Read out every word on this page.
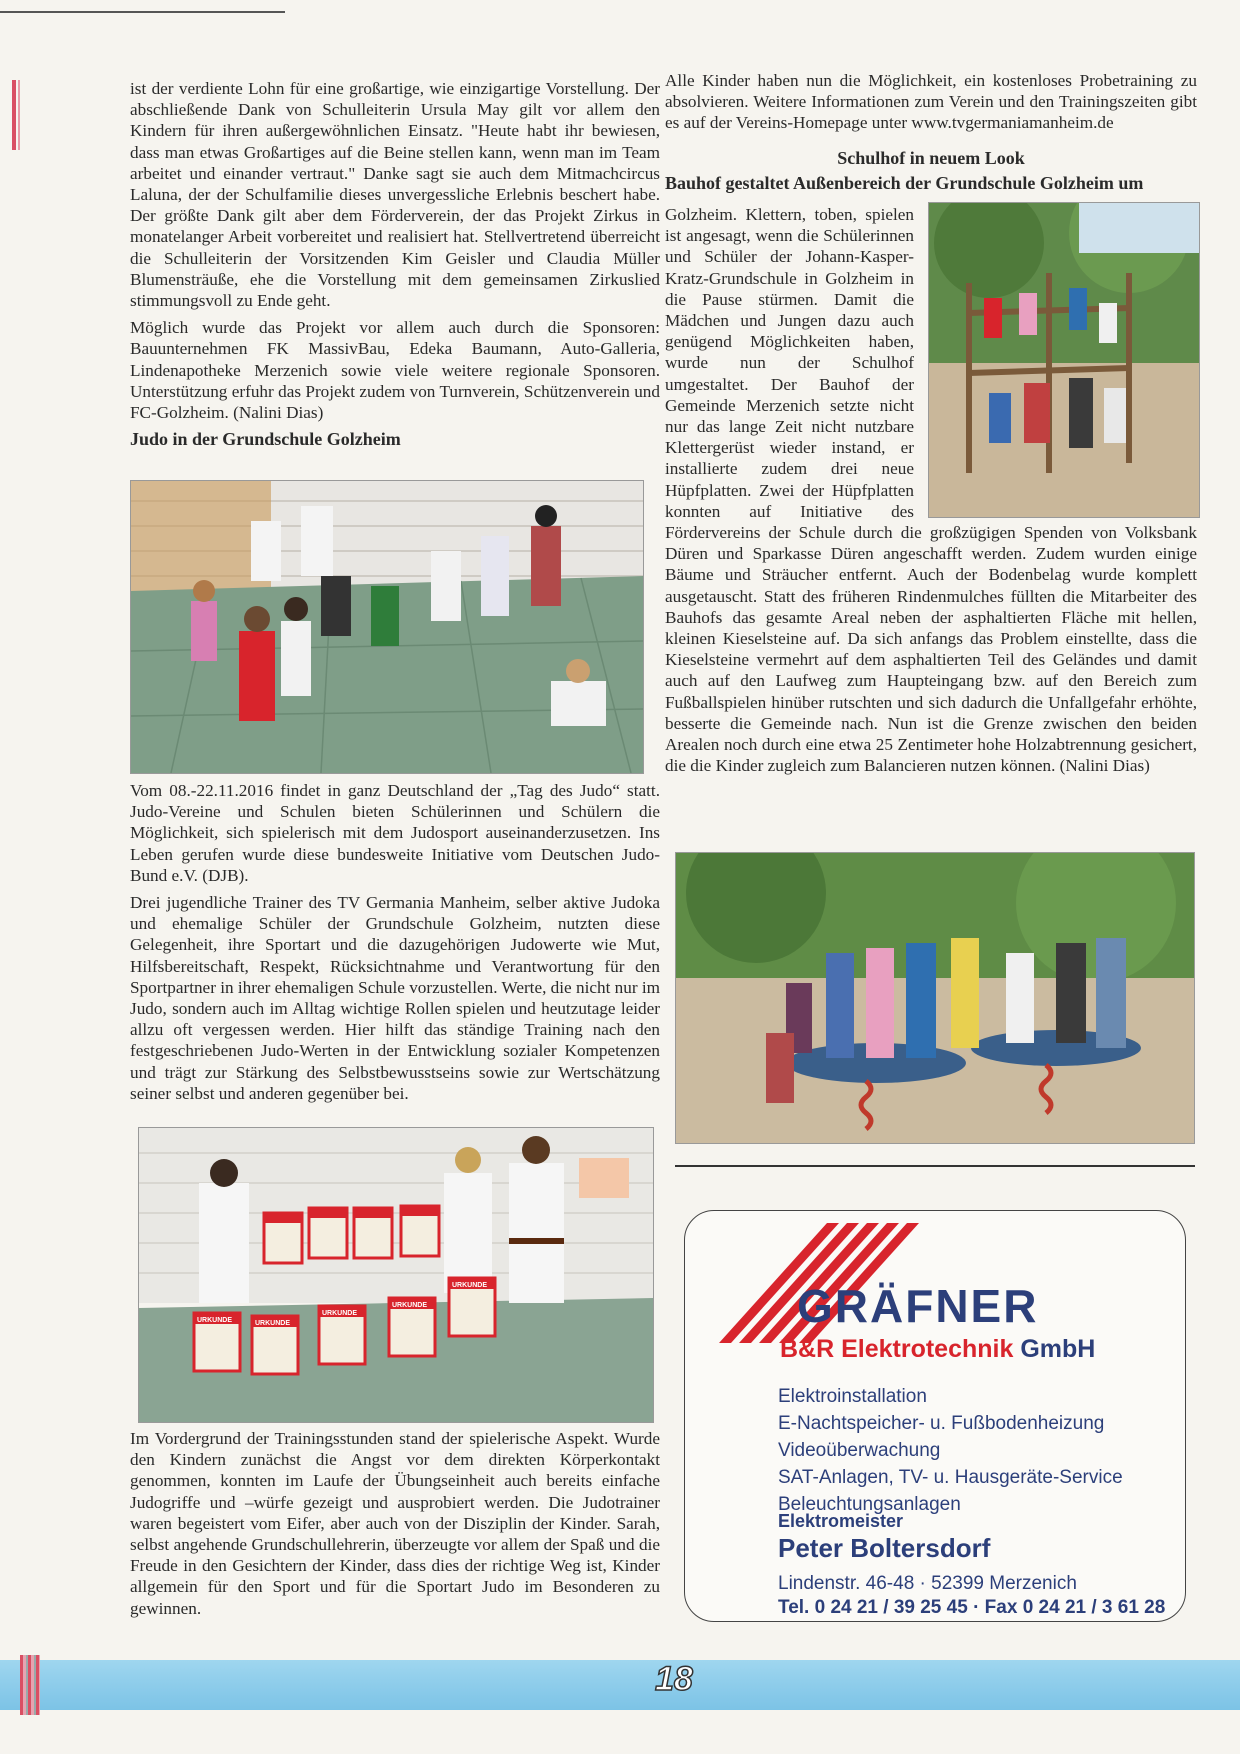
ist der verdiente Lohn für eine großartige, wie einzigartige Vorstellung. Der abschließende Dank von Schulleiterin Ursula May gilt vor allem den Kindern für ihren außergewöhnlichen Einsatz. "Heute habt ihr bewiesen, dass man etwas Großartiges auf die Beine stellen kann, wenn man im Team arbeitet und einander vertraut." Danke sagt sie auch dem Mitmachcircus Laluna, der der Schulfamilie dieses unvergessliche Erlebnis beschert habe. Der größte Dank gilt aber dem Förderverein, der das Projekt Zirkus in monatelanger Arbeit vorbereitet und realisiert hat. Stellvertretend überreicht die Schulleiterin der Vorsitzenden Kim Geisler und Claudia Müller Blumensträuße, ehe die Vorstellung mit dem gemeinsamen Zirkuslied stimmungsvoll zu Ende geht.

Möglich wurde das Projekt vor allem auch durch die Sponsoren: Bauunternehmen FK MassivBau, Edeka Baumann, Auto-Galleria, Lindenapotheke Merzenich sowie viele weitere regionale Sponsoren. Unterstützung erfuhr das Projekt zudem von Turnverein, Schützenverein und FC-Golzheim. (Nalini Dias)

Judo in der Grundschule Golzheim

Vom 08.-22.11.2016 findet in ganz Deutschland der „Tag des Judo“ statt. Judo-Vereine und Schulen bieten Schülerinnen und Schülern die Möglichkeit, sich spielerisch mit dem Judosport auseinanderzusetzen. Ins Leben gerufen wurde diese bundesweite Initiative vom Deutschen Judo-Bund e.V. (DJB).

Drei jugendliche Trainer des TV Germania Manheim, selber aktive Judoka und ehemalige Schüler der Grundschule Golzheim, nutzten diese Gelegenheit, ihre Sportart und die dazugehörigen Judowerte wie Mut, Hilfsbereitschaft, Respekt, Rücksichtnahme und Verantwortung für den Sportpartner in ihrer ehemaligen Schule vorzustellen. Werte, die nicht nur im Judo, sondern auch im Alltag wichtige Rollen spielen und heutzutage leider allzu oft vergessen werden. Hier hilft das ständige Training nach den festgeschriebenen Judo-Werten in der Entwicklung sozialer Kompetenzen und trägt zur Stärkung des Selbstbewusstseins sowie zur Wertschätzung seiner selbst und anderen gegenüber bei.

URKUNDE	URKUNDE
URKUNDE
URKUNDE
URKUNDE

Im Vordergrund der Trainingsstunden stand der spielerische Aspekt. Wurde den Kindern zunächst die Angst vor dem direkten Körperkontakt genommen, konnten im Laufe der Übungseinheit auch bereits einfache Judogriffe und –würfe gezeigt und ausprobiert werden. Die Judotrainer waren begeistert vom Eifer, aber auch von der Disziplin der Kinder. Sarah, selbst angehende Grundschullehrerin, überzeugte vor allem der Spaß und die Freude in den Gesichtern der Kinder, dass dies der richtige Weg ist, Kinder allgemein für den Sport und für die Sportart Judo im Besonderen zu gewinnen.

Alle Kinder haben nun die Möglichkeit, ein kostenloses Probetraining zu absolvieren. Weitere Informationen zum Verein und den Trainingszeiten gibt es auf der Vereins-Homepage unter www.tvgermaniamanheim.de

Schulhof in neuem Look
Bauhof gestaltet Außenbereich der Grundschule Golzheim um

Golzheim. Klettern, toben, spielen ist angesagt, wenn die Schülerinnen und Schüler der Johann-Kasper-Kratz-Grundschule in Golzheim in die Pause stürmen. Damit die Mädchen und Jungen dazu auch genügend Möglichkeiten haben, wurde nun der Schulhof umgestaltet. Der Bauhof der Gemeinde Merzenich setzte nicht nur das lange Zeit nicht nutzbare Klettergerüst wieder instand, er installierte zudem drei neue Hüpfplatten. Zwei der Hüpfplatten konnten auf Initiative des Fördervereins der Schule durch die großzügigen Spenden von Volksbank Düren und Sparkasse Düren angeschafft werden. Zudem wurden einige Bäume und Sträucher entfernt. Auch der Bodenbelag wurde komplett ausgetauscht. Statt des früheren Rindenmulches füllten die Mitarbeiter des Bauhofs das gesamte Areal neben der asphaltierten Fläche mit hellen, kleinen Kieselsteine auf. Da sich anfangs das Problem einstellte, dass die Kieselsteine vermehrt auf dem asphaltierten Teil des Geländes und damit auch auf den Laufweg zum Haupteingang bzw. auf den Bereich zum Fußballspielen hinüber rutschten und sich dadurch die Unfallgefahr erhöhte, besserte die Gemeinde nach. Nun ist die Grenze zwischen den beiden Arealen noch durch eine etwa 25 Zentimeter hohe Holzabtrennung gesichert, die die Kinder zugleich zum Balancieren nutzen können. (Nalini Dias)

GRÄFNER
B&R Elektrotechnik GmbH
Elektroinstallation
E-Nachtspeicher- u. Fußbodenheizung
Videoüberwachung
SAT-Anlagen, TV- u. Hausgeräte-Service
Beleuchtungsanlagen
Elektromeister
Peter Boltersdorf
Lindenstr. 46-48 · 52399 Merzenich
Tel. 0 24 21 / 39 25 45 · Fax 0 24 21 / 3 61 28
18
